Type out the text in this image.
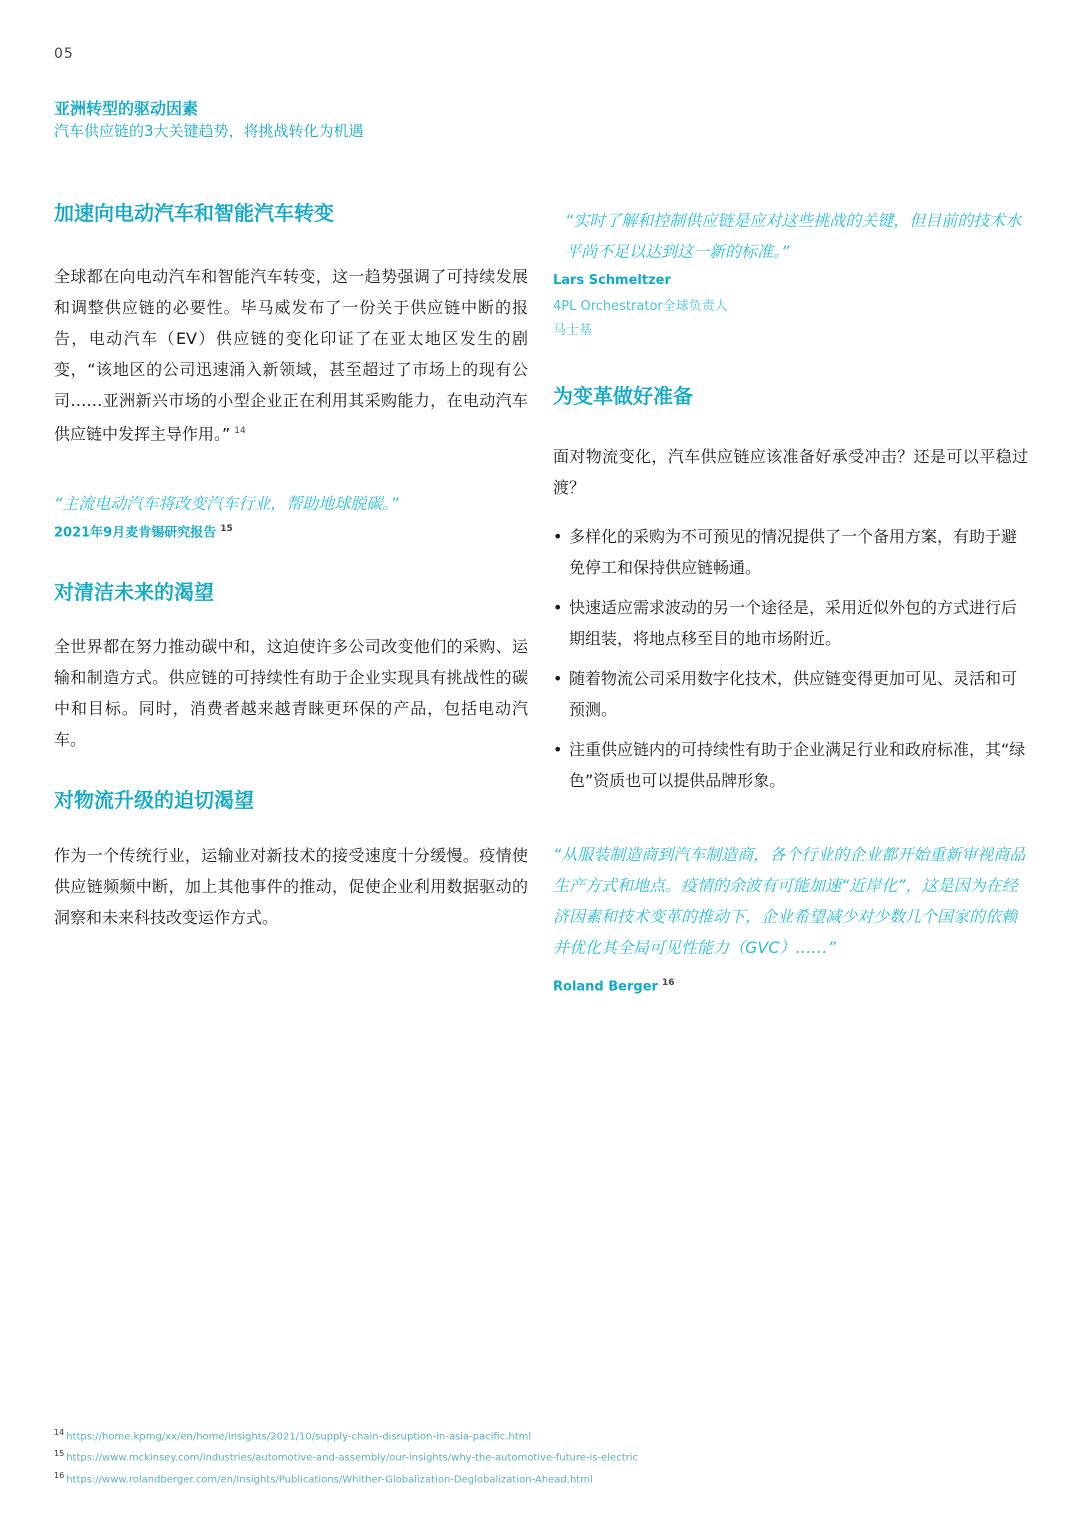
05
亚洲转型的驱动因素
汽车供应链的3大关键趋势，将挑战转化为机遇
加速向电动汽车和智能汽车转变

全球都在向电动汽车和智能汽车转变，这一趋势强调了可持续发展和调整供应链的必要性。毕马威发布了一份关于供应链中断的报告，电动汽车（EV）供应链的变化印证了在亚太地区发生的剧变，“该地区的公司迅速涌入新领域，甚至超过了市场上的现有公司……亚洲新兴市场的小型企业正在利用其采购能力，在电动汽车供应链中发挥主导作用。” $^{14}$

“主流电动汽车将改变汽车行业，帮助地球脱碳。”
2021年9月麦肯锡研究报告 $^{15}$
对清洁未来的渴望

全世界都在努力推动碳中和，这迫使许多公司改变他们的采购、运输和制造方式。供应链的可持续性有助于企业实现具有挑战性的碳中和目标。同时，消费者越来越青睐更环保的产品，包括电动汽车。

对物流升级的迫切渴望

作为一个传统行业，运输业对新技术的接受速度十分缓慢。疫情使供应链频频中断，加上其他事件的推动，促使企业利用数据驱动的洞察和未来科技改变运作方式。

“实时了解和控制供应链是应对这些挑战的关键，但目前的技术水平尚不足以达到这一新的标准。”
Lars Schmeltzer
4PL Orchestrator全球负责人
马士基
为变革做好准备

面对物流变化，汽车供应链应该准备好承受冲击？还是可以平稳过渡？

• 多样化的采购为不可预见的情况提供了一个备用方案，有助于避免停工和保持供应链畅通。
• 快速适应需求波动的另一个途径是，采用近似外包的方式进行后期组装，将地点移至目的地市场附近。
• 随着物流公司采用数字化技术，供应链变得更加可见、灵活和可预测。
• 注重供应链内的可持续性有助于企业满足行业和政府标准，其“绿色”资质也可以提供品牌形象。
“从服装制造商到汽车制造商，各个行业的企业都开始重新审视商品生产方式和地点。疫情的余波有可能加速“近岸化”，这是因为在经济因素和技术变革的推动下，企业希望减少对少数几个国家的依赖并优化其全局可见性能力（GVC）……”
Roland Berger $^{16}$
$^{14}$ https://home.kpmg/xx/en/home/insights/2021/10/supply-chain-disruption-in-asia-pacific.html
$^{15}$ https://www.mckinsey.com/industries/automotive-and-assembly/our-insights/why-the-automotive-future-is-electric
$^{16}$ https://www.rolandberger.com/en/Insights/Publications/Whither-Globalization-Deglobalization-Ahead.html
